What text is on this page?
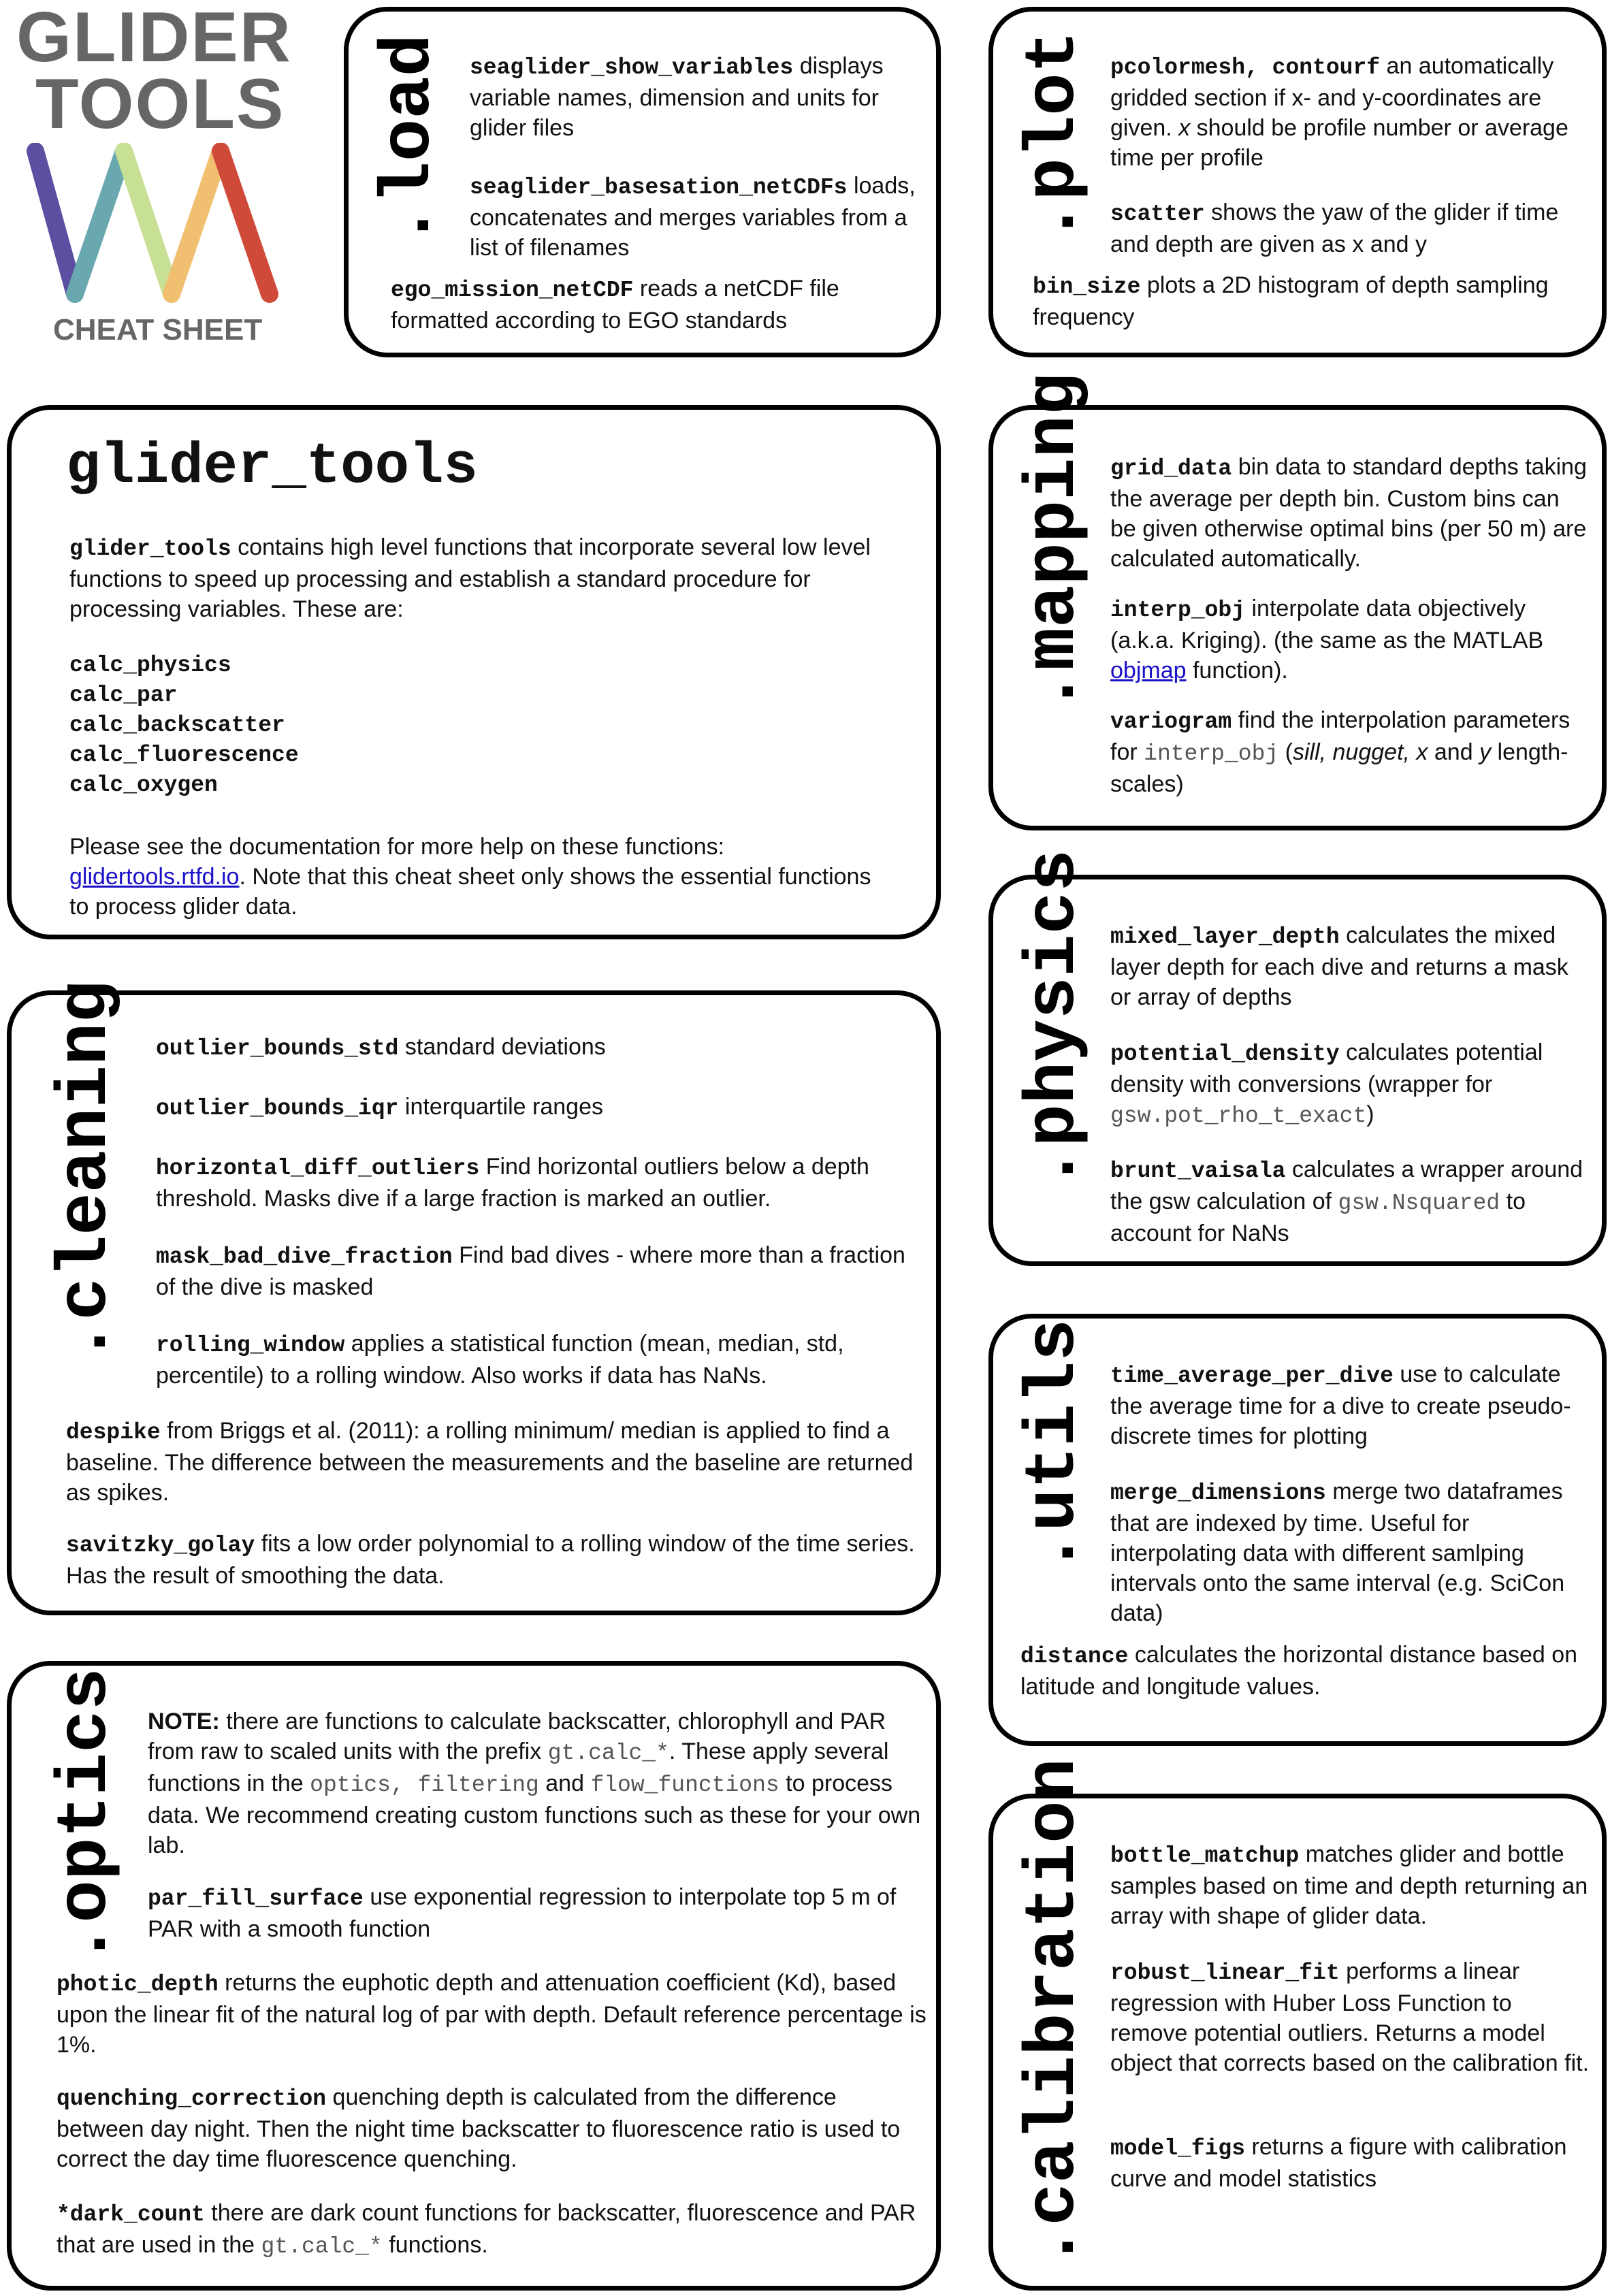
GLIDER
TOOLS
CHEAT SHEET
.load seaglider_show_variables displays variable names, dimension and units for glider files

seaglider_basesation_netCDFs loads, concatenates and merges variables from a list of filenames

ego_mission_netCDF reads a netCDF file formatted according to EGO standards

.plot pcolormesh, contourf an automatically gridded section if x- and y-coordinates are given. x should be profile number or average time per profile

scatter shows the yaw of the glider if time and depth are given as x and y

bin_size plots a 2D histogram of depth sampling frequency

glider_tools

glider_tools contains high level functions that incorporate several low level functions to speed up processing and establish a standard procedure for processing variables. These are:

calc_physics
calc_par
calc_backscatter
calc_fluorescence
calc_oxygen

Please see the documentation for more help on these functions: glidertools.rtfd.io. Note that this cheat sheet only shows the essential functions to process glider data.

.mapping grid_data bin data to standard depths taking the average per depth bin. Custom bins can be given otherwise optimal bins (per 50 m) are calculated automatically.

interp_obj interpolate data objectively (a.k.a. Kriging). (the same as the MATLAB objmap function).

variogram find the interpolation parameters for interp_obj (sill, nugget, x and y length-scales)

.cleaning outlier_bounds_std standard deviations

outlier_bounds_iqr interquartile ranges

horizontal_diff_outliers Find horizontal outliers below a depth threshold. Masks dive if a large fraction is marked an outlier.

mask_bad_dive_fraction Find bad dives - where more than a fraction of the dive is masked

rolling_window applies a statistical function (mean, median, std, percentile) to a rolling window. Also works if data has NaNs.

despike from Briggs et al. (2011): a rolling minimum/ median is applied to find a baseline. The difference between the measurements and the baseline are returned as spikes.

savitzky_golay fits a low order polynomial to a rolling window of the time series. Has the result of smoothing the data.

.physics mixed_layer_depth calculates the mixed layer depth for each dive and returns a mask or array of depths

potential_density calculates potential density with conversions (wrapper for gsw.pot_rho_t_exact)

brunt_vaisala calculates a wrapper around the gsw calculation of gsw.Nsquared to account for NaNs

.utils time_average_per_dive use to calculate the average time for a dive to create pseudo-discrete times for plotting

merge_dimensions merge two dataframes that are indexed by time. Useful for interpolating data with different samlping intervals onto the same interval (e.g. SciCon data)

distance calculates the horizontal distance based on latitude and longitude values.

.optics NOTE: there are functions to calculate backscatter, chlorophyll and PAR from raw to scaled units with the prefix gt.calc_*. These apply several functions in the optics, filtering and flow_functions to process data. We recommend creating custom functions such as these for your own lab.

par_fill_surface use exponential regression to interpolate top 5 m of PAR with a smooth function

photic_depth returns the euphotic depth and attenuation coefficient (Kd), based upon the linear fit of the natural log of par with depth. Default reference percentage is 1%.

quenching_correction quenching depth is calculated from the difference between day night. Then the night time backscatter to fluorescence ratio is used to correct the day time fluorescence quenching.

*dark_count there are dark count functions for backscatter, fluorescence and PAR that are used in the gt.calc_* functions.	.calibration bottle_matchup matches glider and bottle samples based on time and depth returning an array with shape of glider data.

robust_linear_fit performs a linear regression with Huber Loss Function to remove potential outliers. Returns a model object that corrects based on the calibration fit.

model_figs returns a figure with calibration curve and model statistics
